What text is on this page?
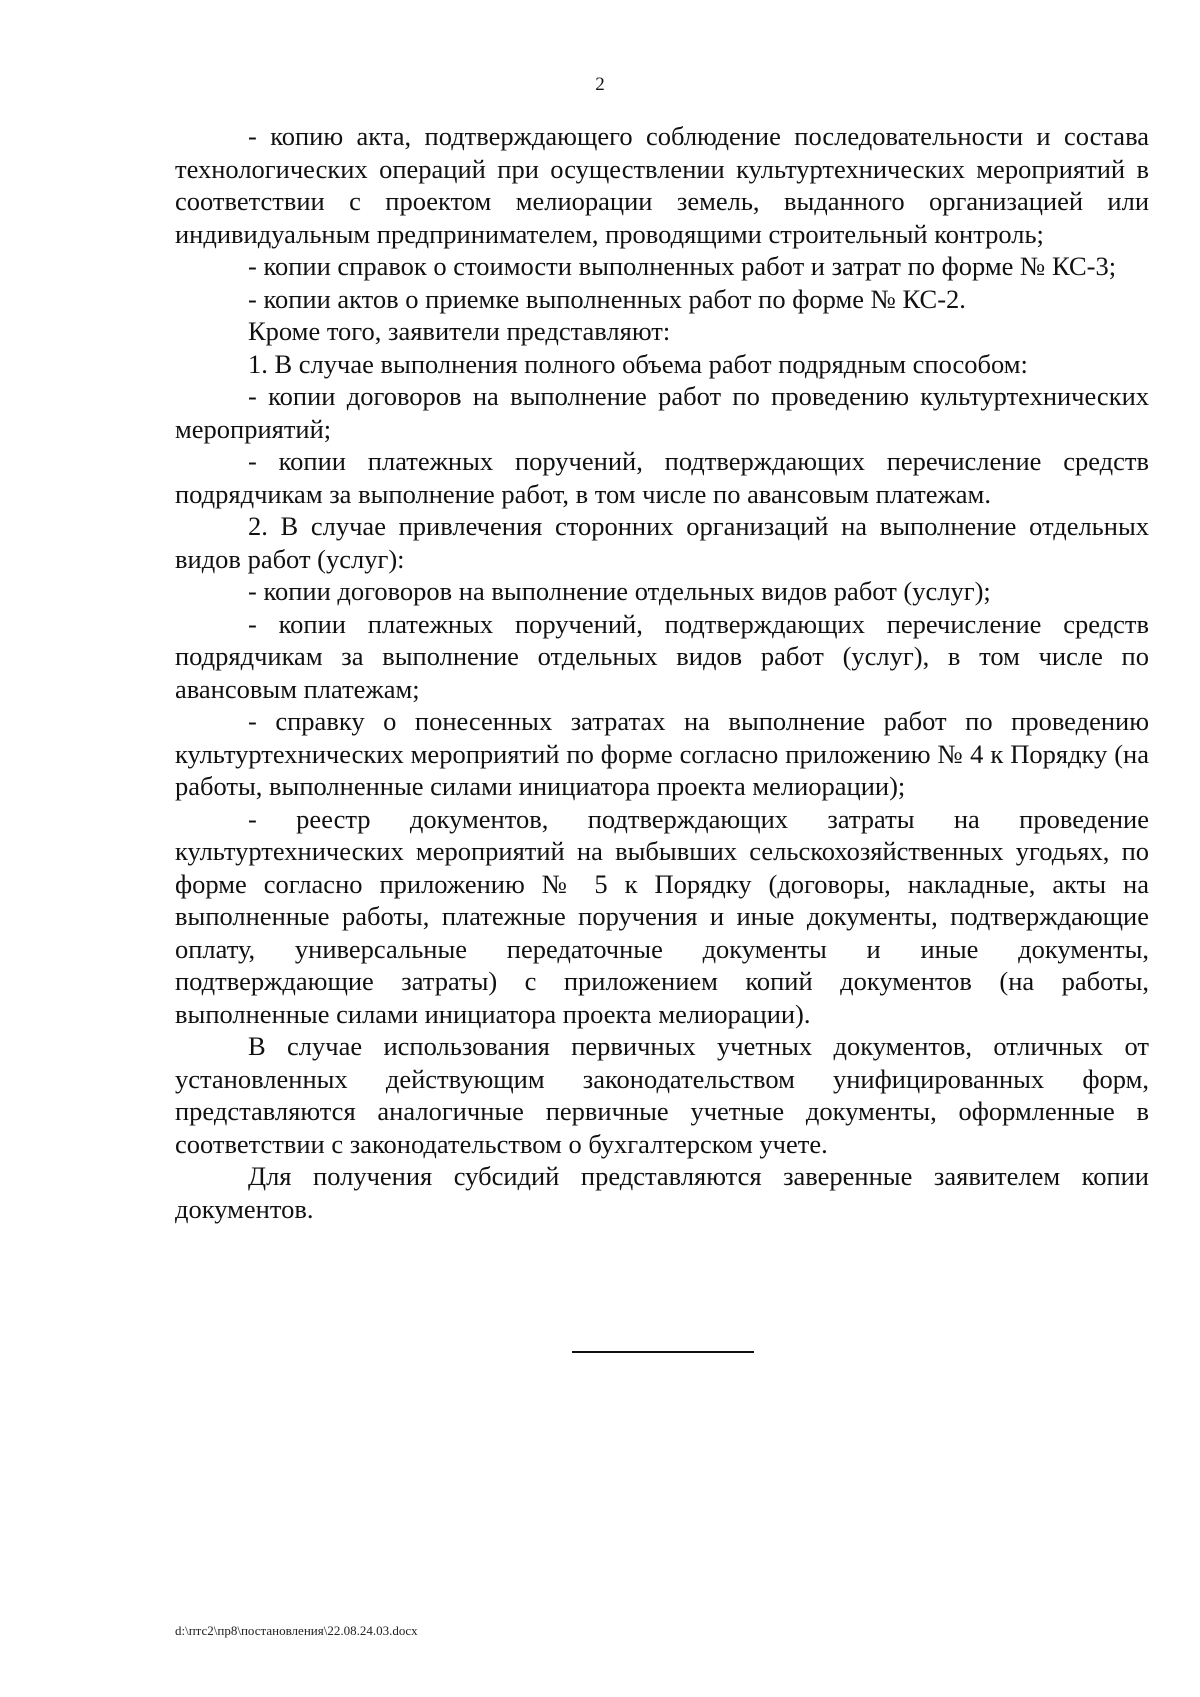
2

- копию акта, подтверждающего соблюдение последовательности и состава технологических операций при осуществлении культуртехнических мероприятий в соответствии с проектом мелиорации земель, выданного организацией или индивидуальным предпринимателем, проводящими строительный контроль;

- копии справок о стоимости выполненных работ и затрат по форме № КС-3;

- копии актов о приемке выполненных работ по форме № КС-2.

Кроме того, заявители представляют:

1. В случае выполнения полного объема работ подрядным способом:

- копии договоров на выполнение работ по проведению культуртехнических мероприятий;

- копии платежных поручений, подтверждающих перечисление средств подрядчикам за выполнение работ, в том числе по авансовым платежам.

2. В случае привлечения сторонних организаций на выполнение отдельных видов работ (услуг):

- копии договоров на выполнение отдельных видов работ (услуг);

- копии платежных поручений, подтверждающих перечисление средств подрядчикам за выполнение отдельных видов работ (услуг), в том числе по авансовым платежам;

- справку о понесенных затратах на выполнение работ по проведению культуртехнических мероприятий по форме согласно приложению № 4 к Порядку (на работы, выполненные силами инициатора проекта мелиорации);

- реестр документов, подтверждающих затраты на проведение культуртехнических мероприятий на выбывших сельскохозяйственных угодьях, по форме согласно приложению № 5 к Порядку (договоры, накладные, акты на выполненные работы, платежные поручения и иные документы, подтверждающие оплату, универсальные передаточные документы и иные документы, подтверждающие затраты) с приложением копий документов (на работы, выполненные силами инициатора проекта мелиорации).

В случае использования первичных учетных документов, отличных от установленных действующим законодательством унифицированных форм, представляются аналогичные первичные учетные документы, оформленные в соответствии с законодательством о бухгалтерском учете.

Для получения субсидий представляются заверенные заявителем копии документов.

d:\птс2\пр8\постановления\22.08.24.03.docx
